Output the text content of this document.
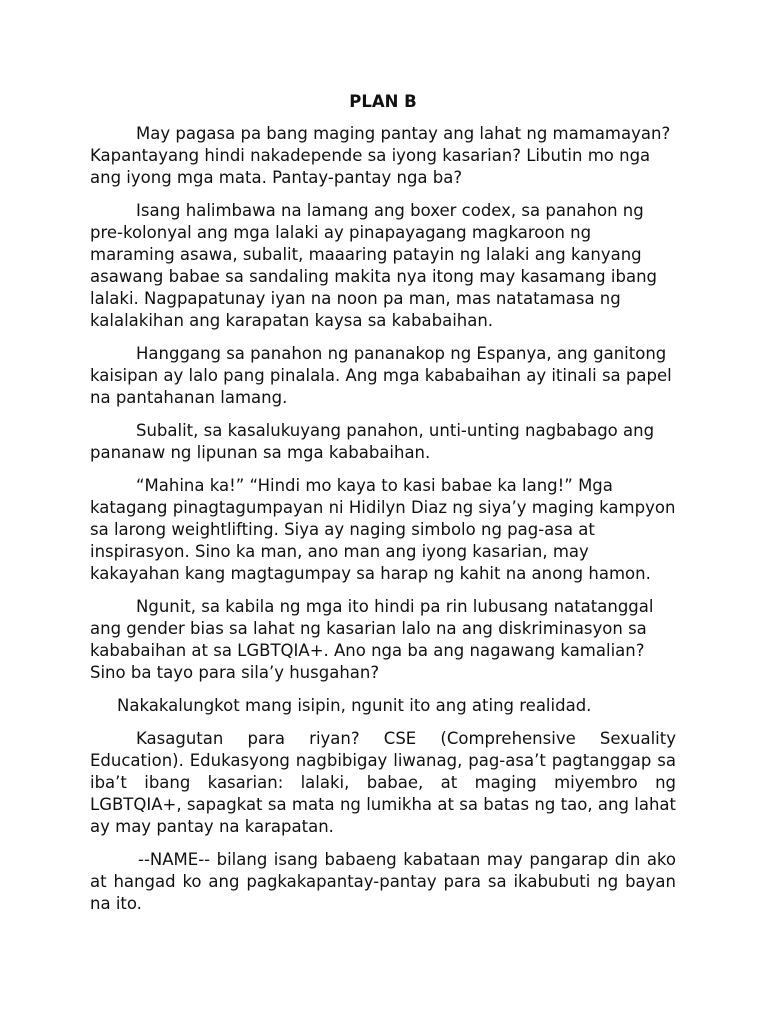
PLAN B

May pagasa pa bang maging pantay ang lahat ng mamamayan? Kapantayang hindi nakadepende sa iyong kasarian? Libutin mo nga ang iyong mga mata. Pantay-pantay nga ba?

Isang halimbawa na lamang ang boxer codex, sa panahon ng pre-kolonyal ang mga lalaki ay pinapayagang magkaroon ng maraming asawa, subalit, maaaring patayin ng lalaki ang kanyang asawang babae sa sandaling makita nya itong may kasamang ibang lalaki. Nagpapatunay iyan na noon pa man, mas natatamasa ng kalalakihan ang karapatan kaysa sa kababaihan.

Hanggang sa panahon ng pananakop ng Espanya, ang ganitong kaisipan ay lalo pang pinalala. Ang mga kababaihan ay itinali sa papel na pantahanan lamang.

Subalit, sa kasalukuyang panahon, unti-unting nagbabago ang pananaw ng lipunan sa mga kababaihan.

“Mahina ka!” “Hindi mo kaya to kasi babae ka lang!” Mga katagang pinagtagumpayan ni Hidilyn Diaz ng siya’y maging kampyon sa larong weightlifting. Siya ay naging simbolo ng pag-asa at inspirasyon. Sino ka man, ano man ang iyong kasarian, may kakayahan kang magtagumpay sa harap ng kahit na anong hamon.

Ngunit, sa kabila ng mga ito hindi pa rin lubusang natatanggal ang gender bias sa lahat ng kasarian lalo na ang diskriminasyon sa kababaihan at sa LGBTQIA+. Ano nga ba ang nagawang kamalian? Sino ba tayo para sila’y husgahan?

Nakakalungkot mang isipin, ngunit ito ang ating realidad.

Kasagutan para riyan? CSE (Comprehensive Sexuality Education). Edukasyong nagbibigay liwanag, pag-asa’t pagtanggap sa iba’t ibang kasarian: lalaki, babae, at maging miyembro ng LGBTQIA+, sapagkat sa mata ng lumikha at sa batas ng tao, ang lahat ay may pantay na karapatan.

--NAME-- bilang isang babaeng kabataan may pangarap din ako at hangad ko ang pagkakapantay-pantay para sa ikabubuti ng bayan na ito.
